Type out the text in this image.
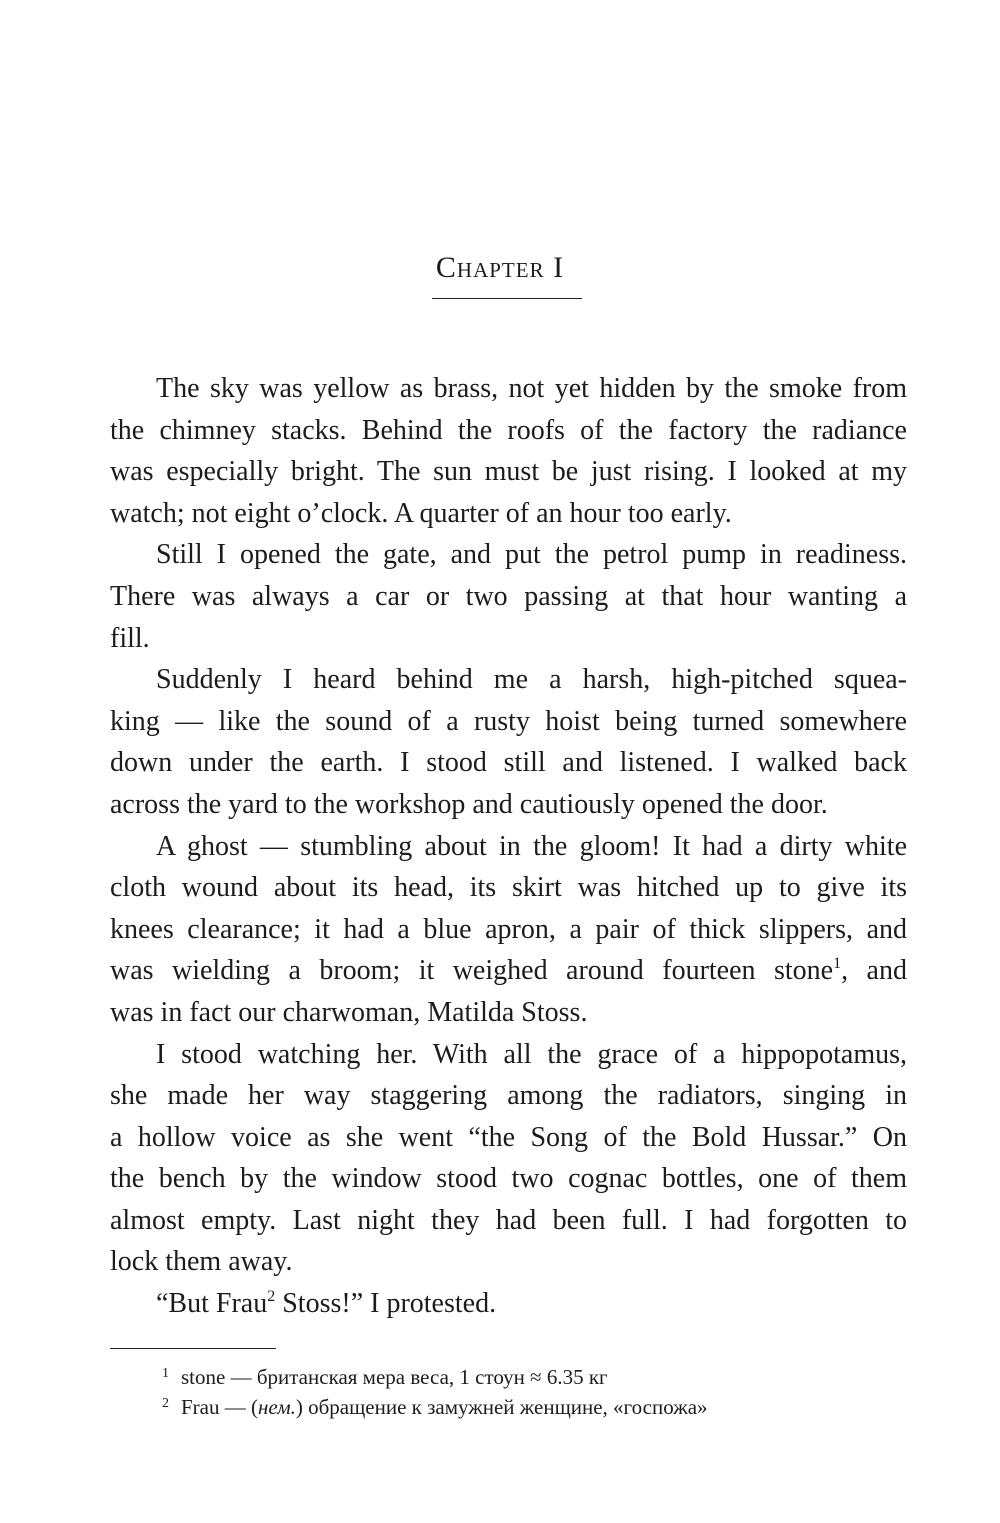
Chapter I
The sky was yellow as brass, not yet hidden by the smoke from
the chimney stacks. Behind the roofs of the factory the radiance
was especially bright. The sun must be just rising. I looked at my
watch; not eight o’clock. A quarter of an hour too early.
Still I opened the gate, and put the petrol pump in readiness.
There was always a car or two passing at that hour wanting a
fill.
Suddenly I heard behind me a harsh, high-pitched squea-
king — like the sound of a rusty hoist being turned somewhere
down under the earth. I stood still and listened. I walked back
across the yard to the workshop and cautiously opened the door.
A ghost — stumbling about in the gloom! It had a dirty white
cloth wound about its head, its skirt was hitched up to give its
knees clearance; it had a blue apron, a pair of thick slippers, and
was wielding a broom; it weighed around fourteen stone$^1$, and
was in fact our charwoman, Matilda Stoss.
I stood watching her. With all the grace of a hippopotamus,
she made her way staggering among the radiators, singing in
a hollow voice as she went “the Song of the Bold Hussar.” On
the bench by the window stood two cognac bottles, one of them
almost empty. Last night they had been full. I had forgotten to
lock them away.
“But Frau$^2$ Stoss!” I protested.
$^1$ stone — британская мера веса, 1 стоун ≈ 6.35 кг
$^2$ Frau — (нем.) обращение к замужней женщине, «госпожа»
